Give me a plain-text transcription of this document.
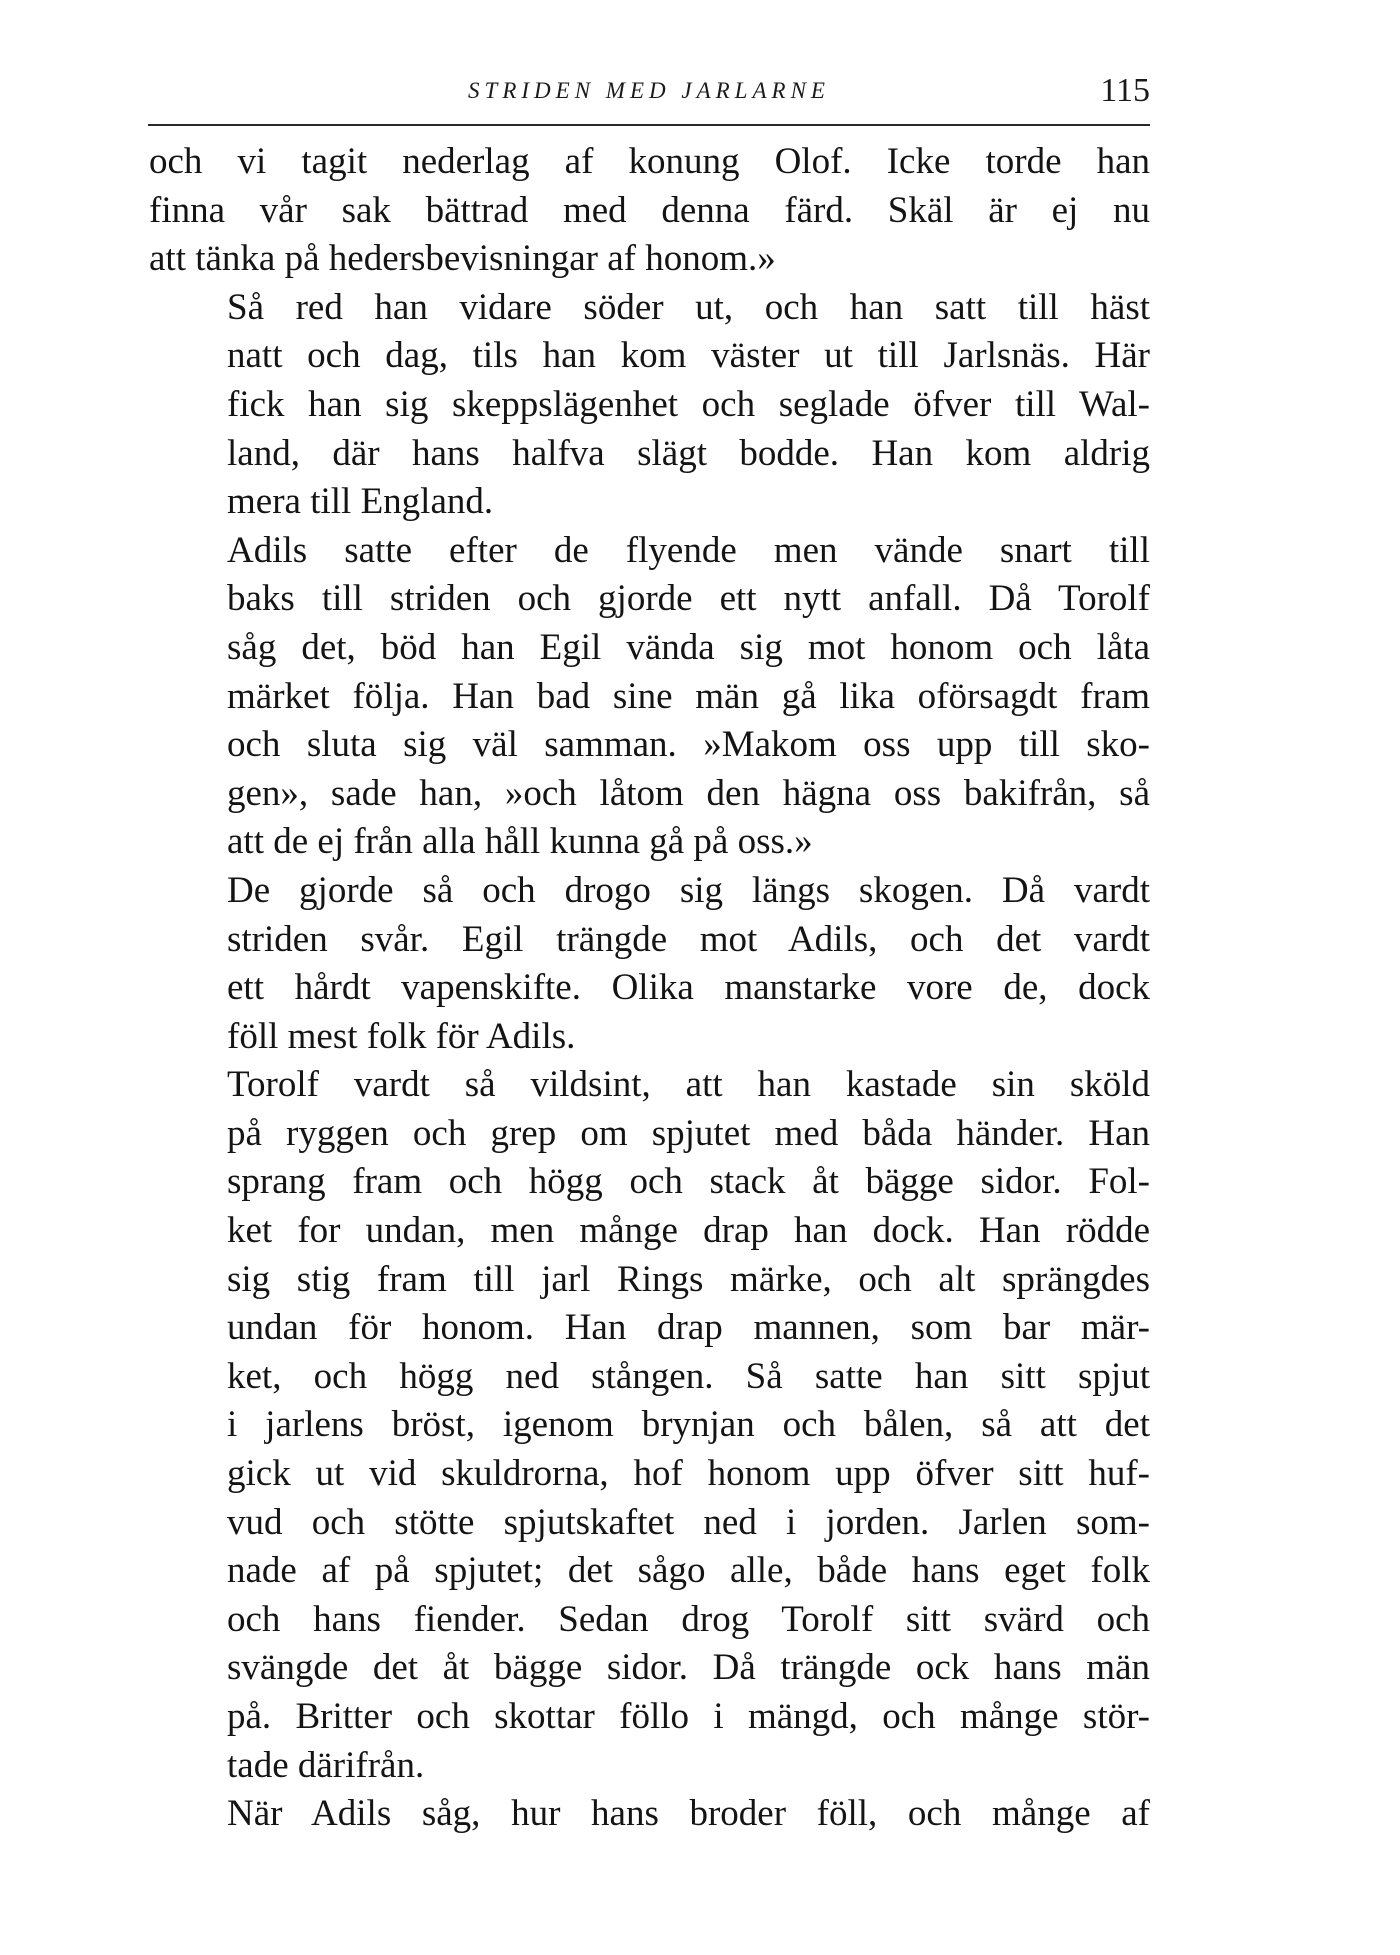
STRIDEN MED JARLARNE	115

och vi tagit nederlag af konung Olof. Icke torde han
finna vår sak bättrad med denna färd. Skäl är ej nu
att tänka på hedersbevisningar af honom.»

Så red han vidare söder ut, och han satt till häst
natt och dag, tils han kom väster ut till Jarlsnäs. Här
fick han sig skeppslägenhet och seglade öfver till Wal-
land, där hans halfva slägt bodde. Han kom aldrig
mera till England.

Adils satte efter de flyende men vände snart till
baks till striden och gjorde ett nytt anfall. Då Torolf
såg det, böd han Egil vända sig mot honom och låta
märket följa. Han bad sine män gå lika oförsagdt fram
och sluta sig väl samman. »Makom oss upp till sko-
gen», sade han, »och låtom den hägna oss bakifrån, så
att de ej från alla håll kunna gå på oss.»

De gjorde så och drogo sig längs skogen. Då vardt
striden svår. Egil trängde mot Adils, och det vardt
ett hårdt vapenskifte. Olika manstarke vore de, dock
föll mest folk för Adils.

Torolf vardt så vildsint, att han kastade sin sköld
på ryggen och grep om spjutet med båda händer. Han
sprang fram och högg och stack åt bägge sidor. Fol-
ket for undan, men månge drap han dock. Han rödde
sig stig fram till jarl Rings märke, och alt sprängdes
undan för honom. Han drap mannen, som bar mär-
ket, och högg ned stången. Så satte han sitt spjut
i jarlens bröst, igenom brynjan och bålen, så att det
gick ut vid skuldrorna, hof honom upp öfver sitt huf-
vud och stötte spjutskaftet ned i jorden. Jarlen som-
nade af på spjutet; det sågo alle, både hans eget folk
och hans fiender. Sedan drog Torolf sitt svärd och
svängde det åt bägge sidor. Då trängde ock hans män
på. Britter och skottar föllo i mängd, och månge stör-
tade därifrån.

När Adils såg, hur hans broder föll, och månge af
